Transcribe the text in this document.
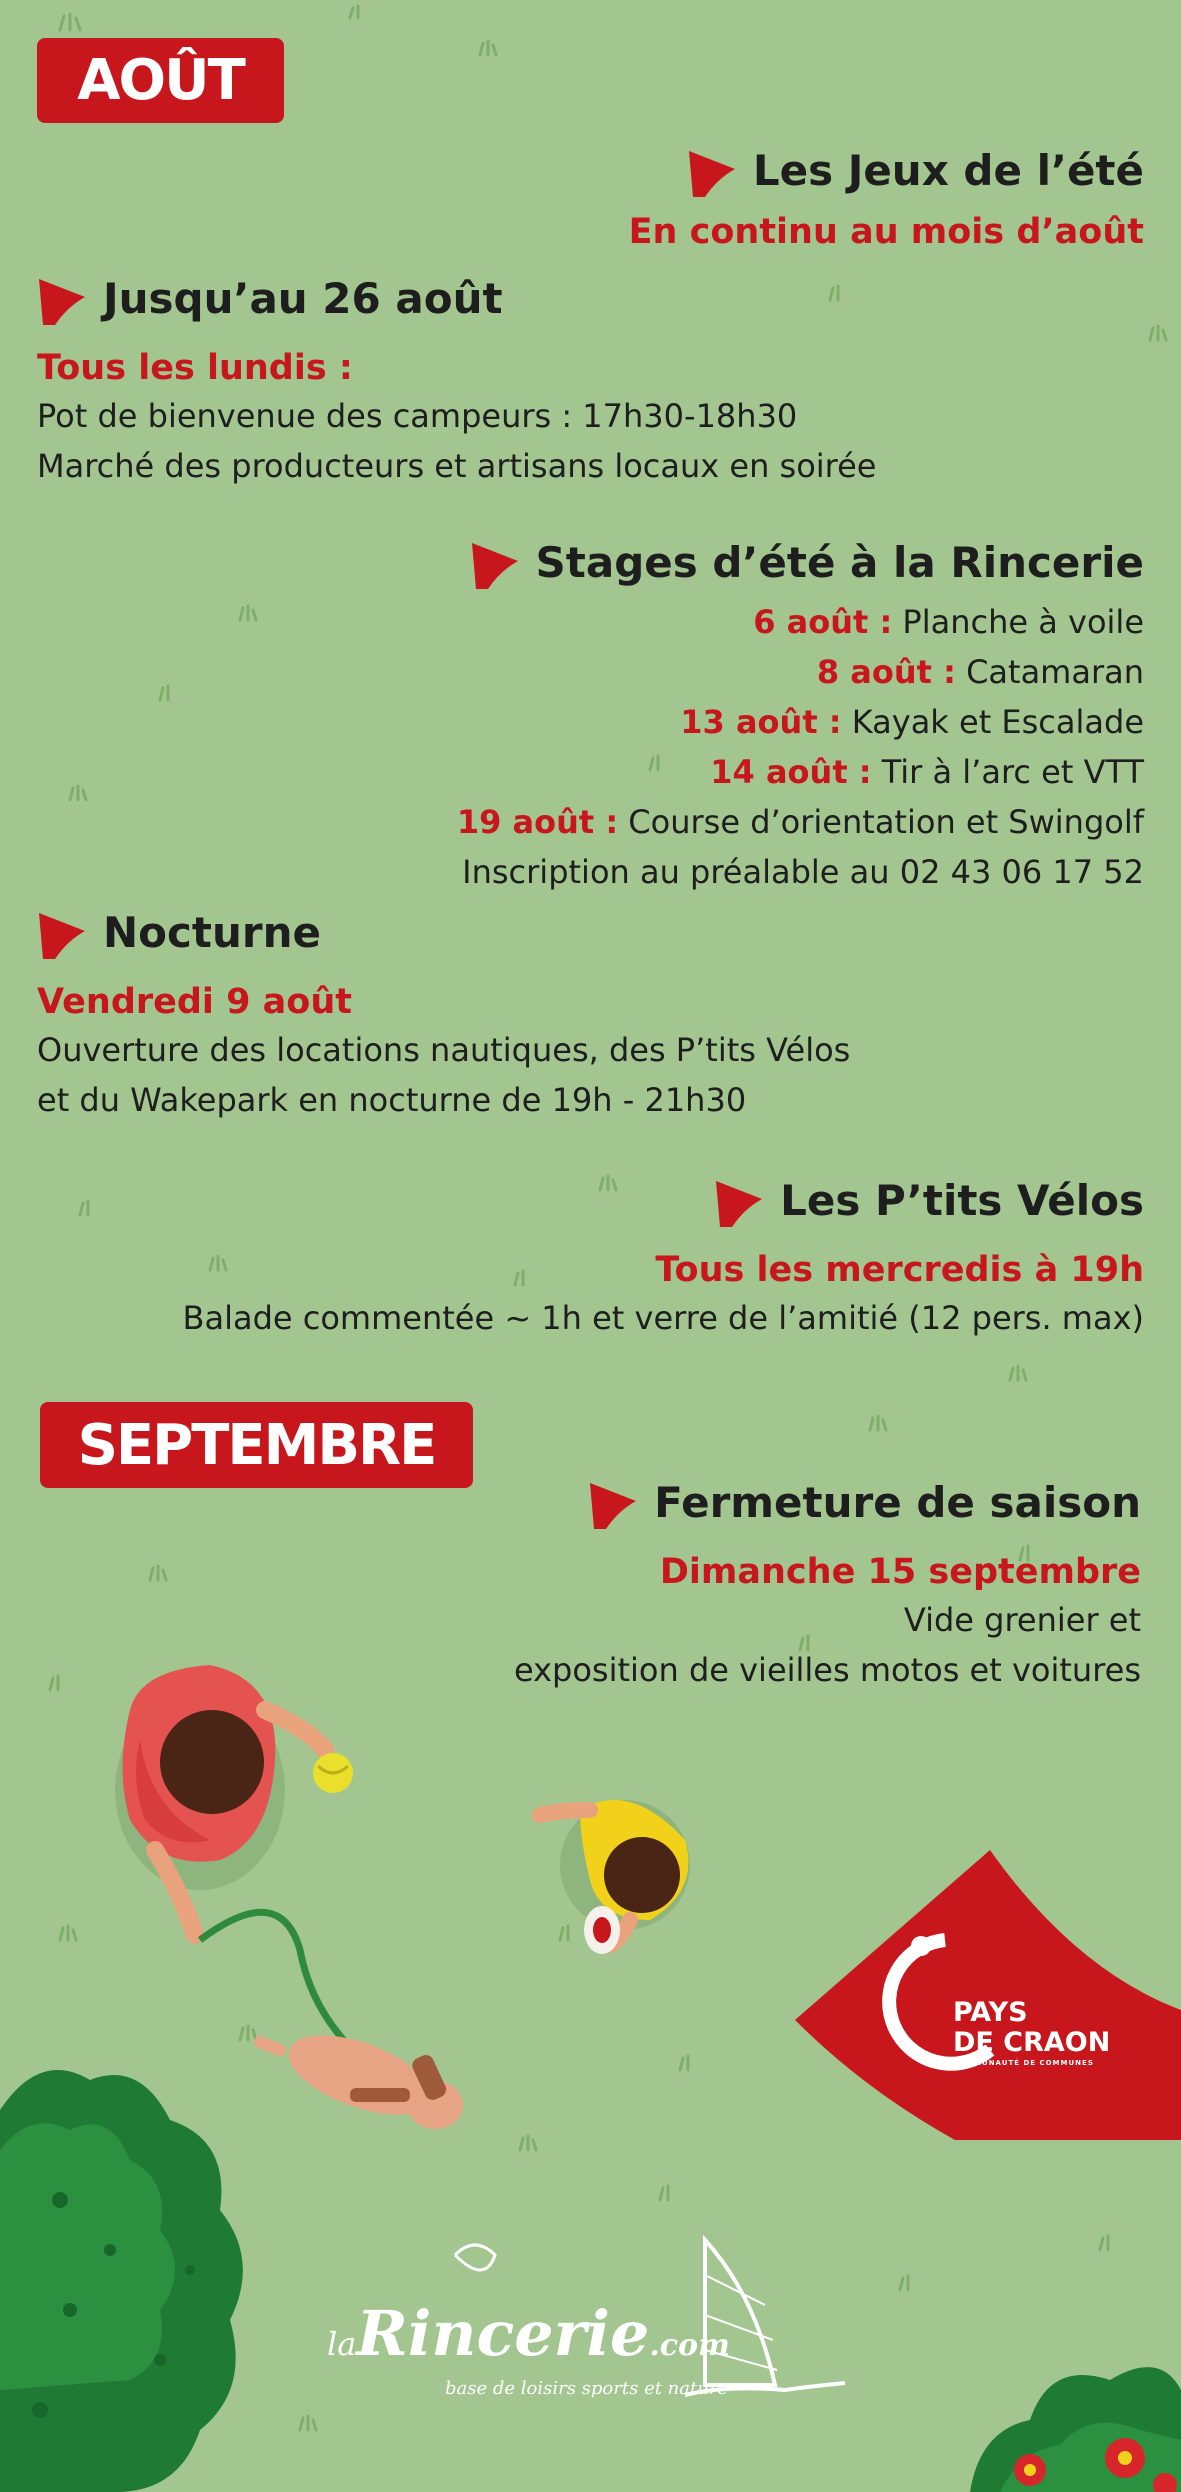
AOÛT
SEPTEMBRE
Les Jeux de l’été
En continu au mois d’août
Jusqu’au 26 août
Tous les lundis :
Pot de bienvenue des campeurs : 17h30-18h30
Marché des producteurs et artisans locaux en soirée
Stages d’été à la Rincerie
6 août : Planche à voile
8 août : Catamaran
13 août : Kayak et Escalade
14 août : Tir à l’arc et VTT
19 août : Course d’orientation et Swingolf
Inscription au préalable au 02 43 06 17 52
Nocturne
Vendredi 9 août
Ouverture des locations nautiques, des P’tits Vélos
et du Wakepark en nocturne de 19h - 21h30
Les P’tits Vélos
Tous les mercredis à 19h
Balade commentée ~ 1h et verre de l’amitié (12 pers. max)
Fermeture de saison
Dimanche 15 septembre
Vide grenier et
exposition de vieilles motos et voitures
PAYS
DE CRAON
COMMUNAUTÉ DE COMMUNES
laRincerie.com
base de loisirs sports et nature
